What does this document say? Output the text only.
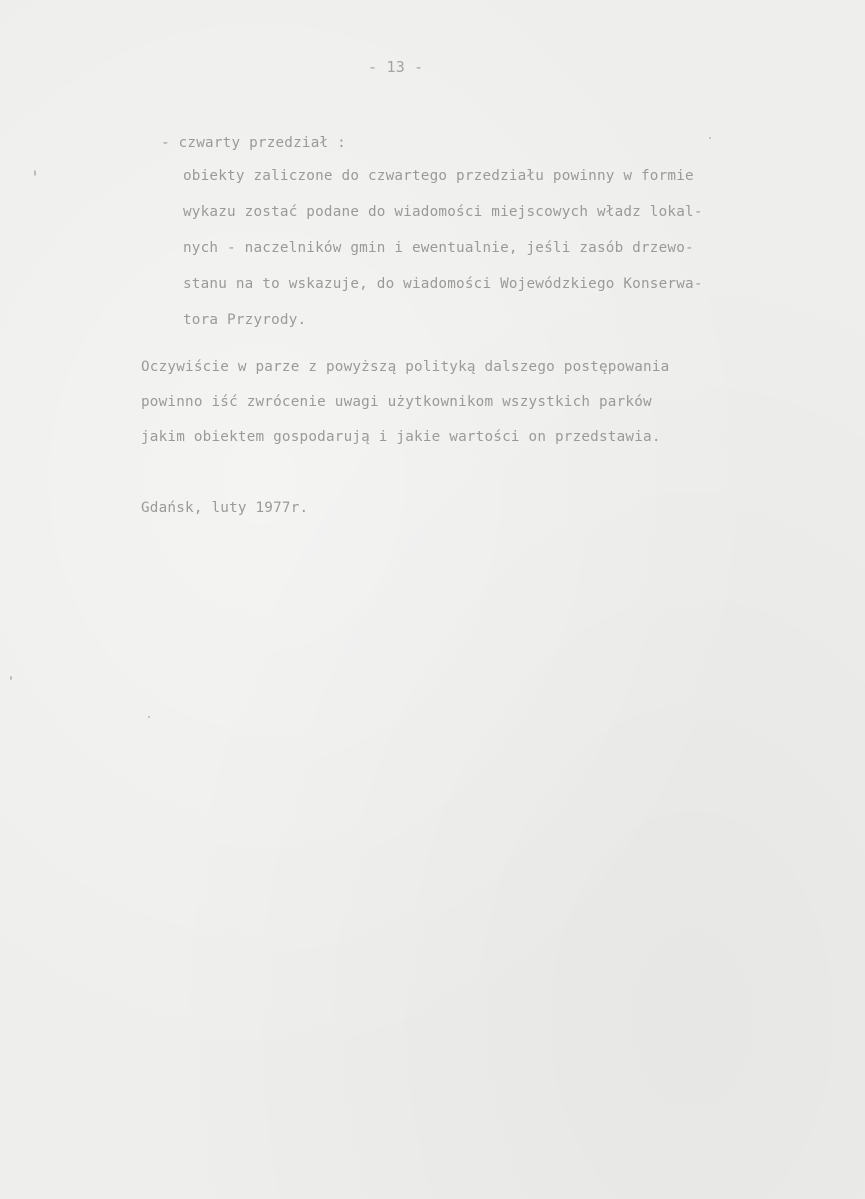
- 13 -

- czwarty przedział :

obiekty zaliczone do czwartego przedziału powinny w formie

wykazu zostać podane do wiadomości miejscowych władz lokal-

nych - naczelników gmin i ewentualnie, jeśli zasób drzewo-

stanu na to wskazuje, do wiadomości Wojewódzkiego Konserwa-

tora Przyrody.

Oczywiście w parze z powyższą polityką dalszego postępowania

powinno iść zwrócenie uwagi użytkownikom wszystkich parków

jakim obiektem gospodarują i jakie wartości on przedstawia.

Gdańsk, luty 1977r.
